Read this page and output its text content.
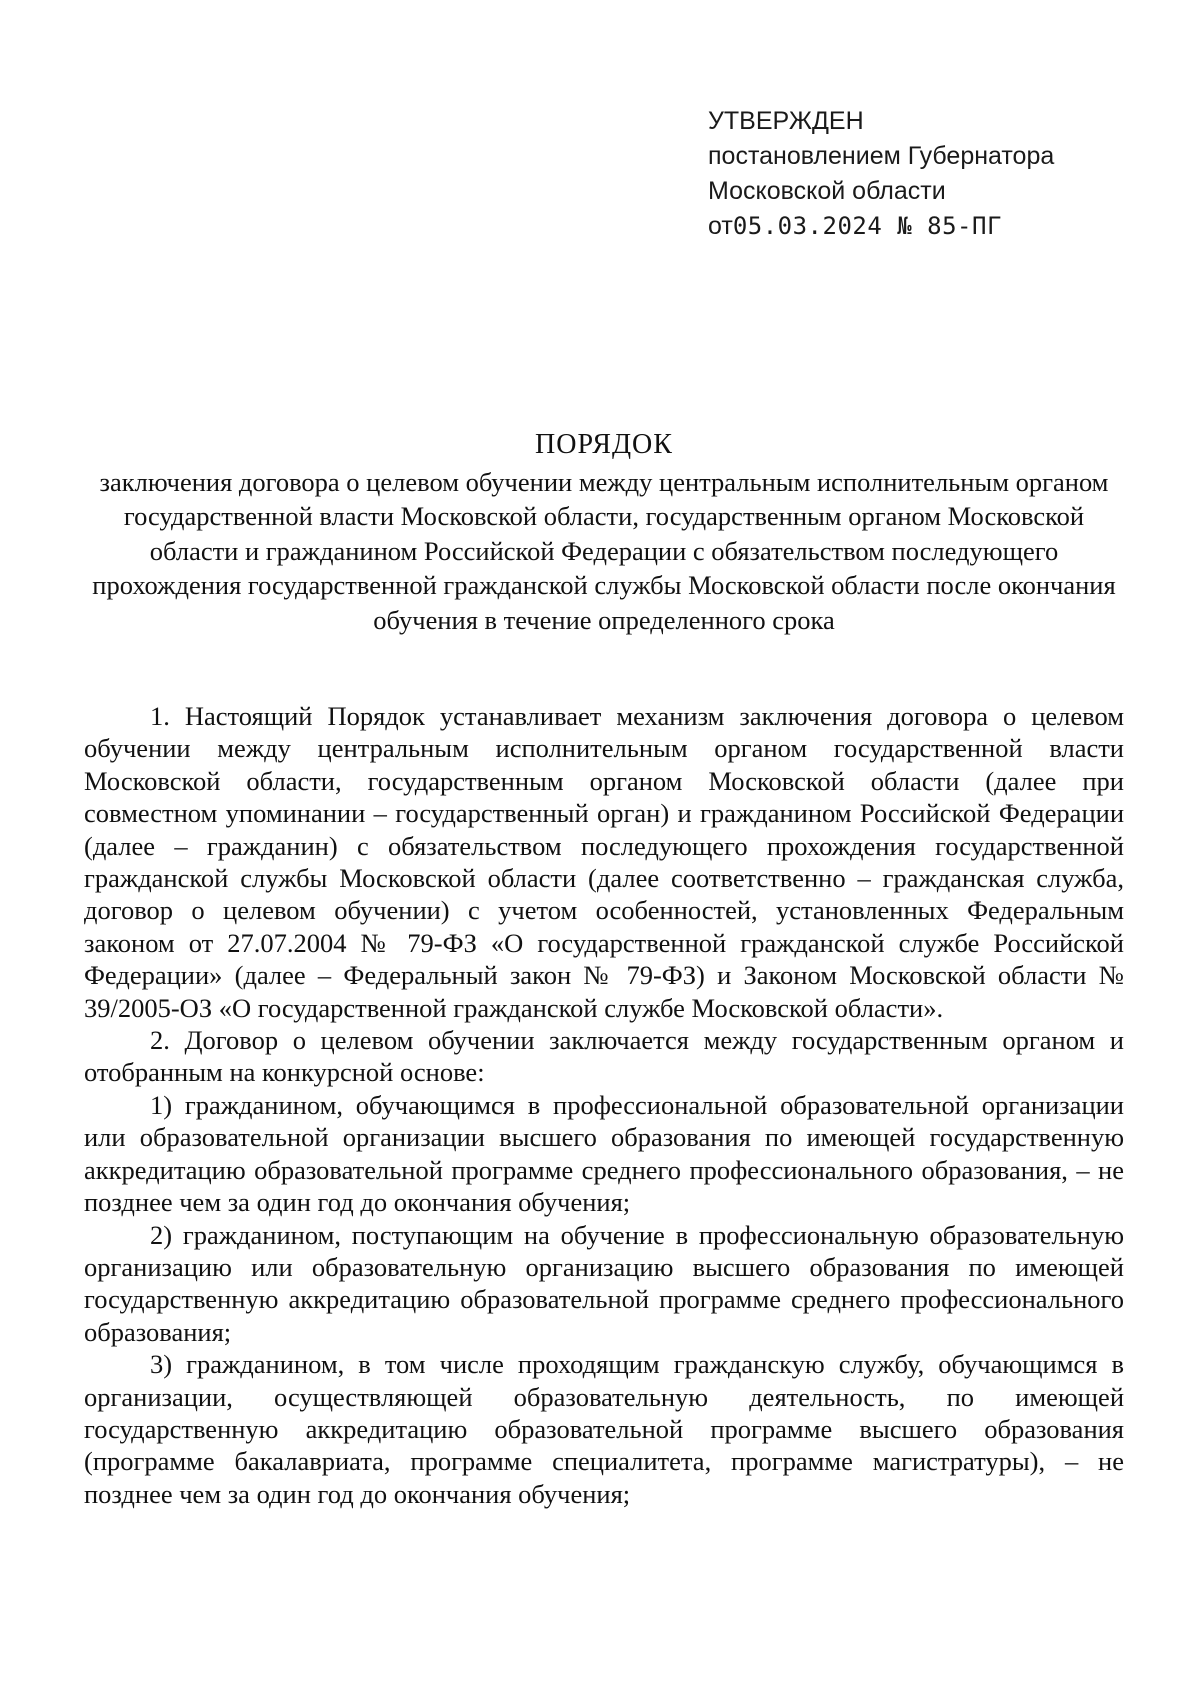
УТВЕРЖДЕН
постановлением Губернатора
Московской области
от05.03.2024 № 85-ПГ
ПОРЯДОК
заключения договора о целевом обучении между центральным исполнительным органом государственной власти Московской области, государственным органом Московской области и гражданином Российской Федерации с обязательством последующего прохождения государственной гражданской службы Московской области после окончания обучения в течение определенного срока

1. Настоящий Порядок устанавливает механизм заключения договора о целевом обучении между центральным исполнительным органом государственной власти Московской области, государственным органом Московской области (далее при совместном упоминании – государственный орган) и гражданином Российской Федерации (далее – гражданин) с обязательством последующего прохождения государственной гражданской службы Московской области (далее соответственно – гражданская служба, договор о целевом обучении) с учетом особенностей, установленных Федеральным законом от 27.07.2004 № 79-ФЗ «О государственной гражданской службе Российской Федерации» (далее – Федеральный закон № 79-ФЗ) и Законом Московской области № 39/2005-ОЗ «О государственной гражданской службе Московской области».

2. Договор о целевом обучении заключается между государственным органом и отобранным на конкурсной основе:

1) гражданином, обучающимся в профессиональной образовательной организации или образовательной организации высшего образования по имеющей государственную аккредитацию образовательной программе среднего профессионального образования, – не позднее чем за один год до окончания обучения;

2) гражданином, поступающим на обучение в профессиональную образовательную организацию или образовательную организацию высшего образования по имеющей государственную аккредитацию образовательной программе среднего профессионального образования;

3) гражданином, в том числе проходящим гражданскую службу, обучающимся в организации, осуществляющей образовательную деятельность, по имеющей государственную аккредитацию образовательной программе высшего образования (программе бакалавриата, программе специалитета, программе магистратуры), – не позднее чем за один год до окончания обучения;
